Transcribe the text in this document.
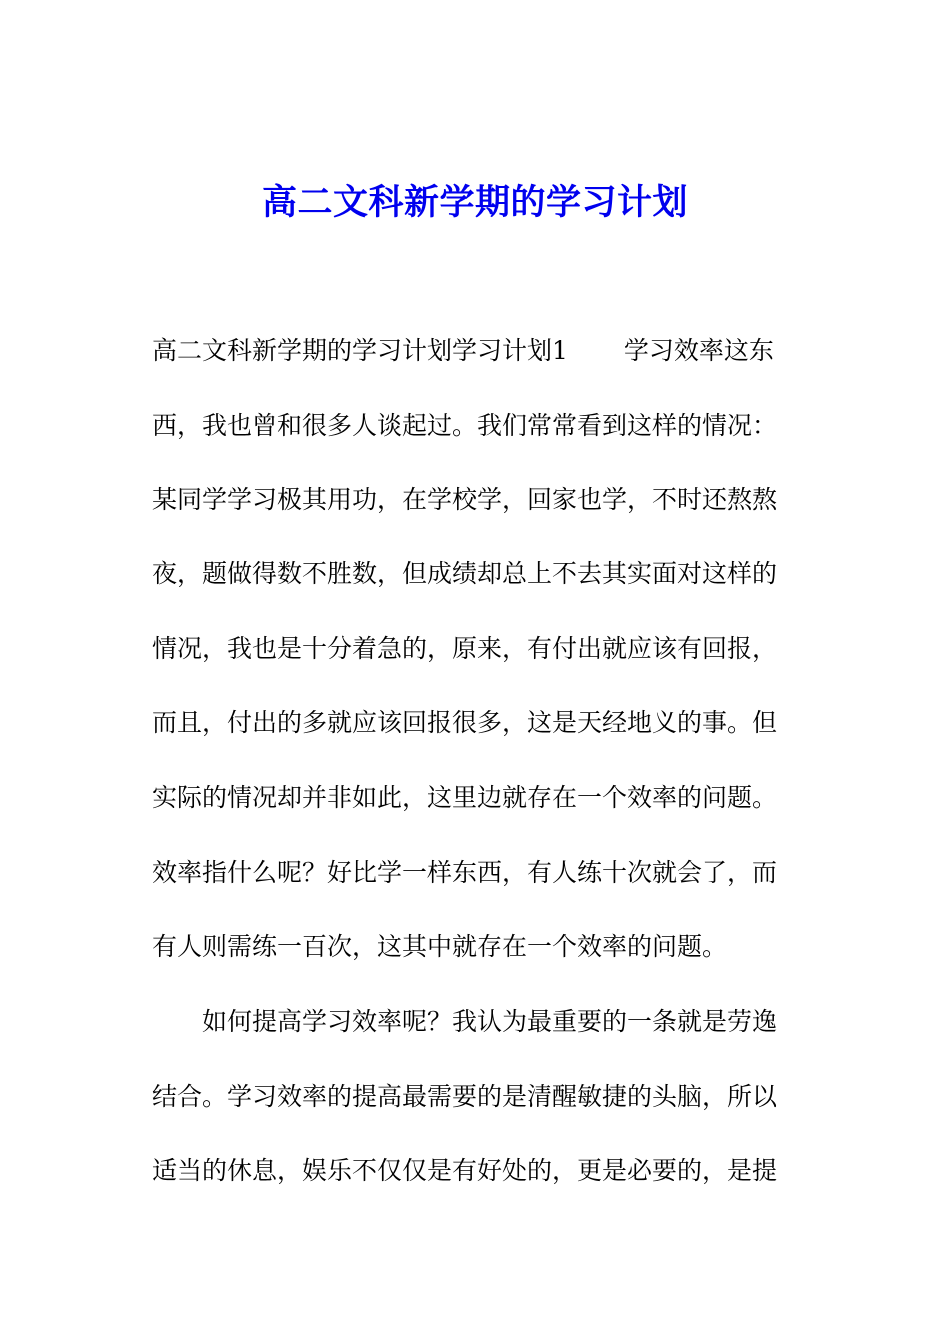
高二文科新学期的学习计划
高二文科新学期的学习计划学习计划1 学习效率这东
西，我也曾和很多人谈起过。我们常常看到这样的情况：
某同学学习极其用功，在学校学，回家也学，不时还熬熬
夜，题做得数不胜数，但成绩却总上不去其实面对这样的
情况，我也是十分着急的，原来，有付出就应该有回报，
而且，付出的多就应该回报很多，这是天经地义的事。但
实际的情况却并非如此，这里边就存在一个效率的问题。
效率指什么呢？好比学一样东西，有人练十次就会了，而
有人则需练一百次，这其中就存在一个效率的问题。
如何提高学习效率呢？我认为最重要的一条就是劳逸
结合。学习效率的提高最需要的是清醒敏捷的头脑，所以
适当的休息，娱乐不仅仅是有好处的，更是必要的，是提
